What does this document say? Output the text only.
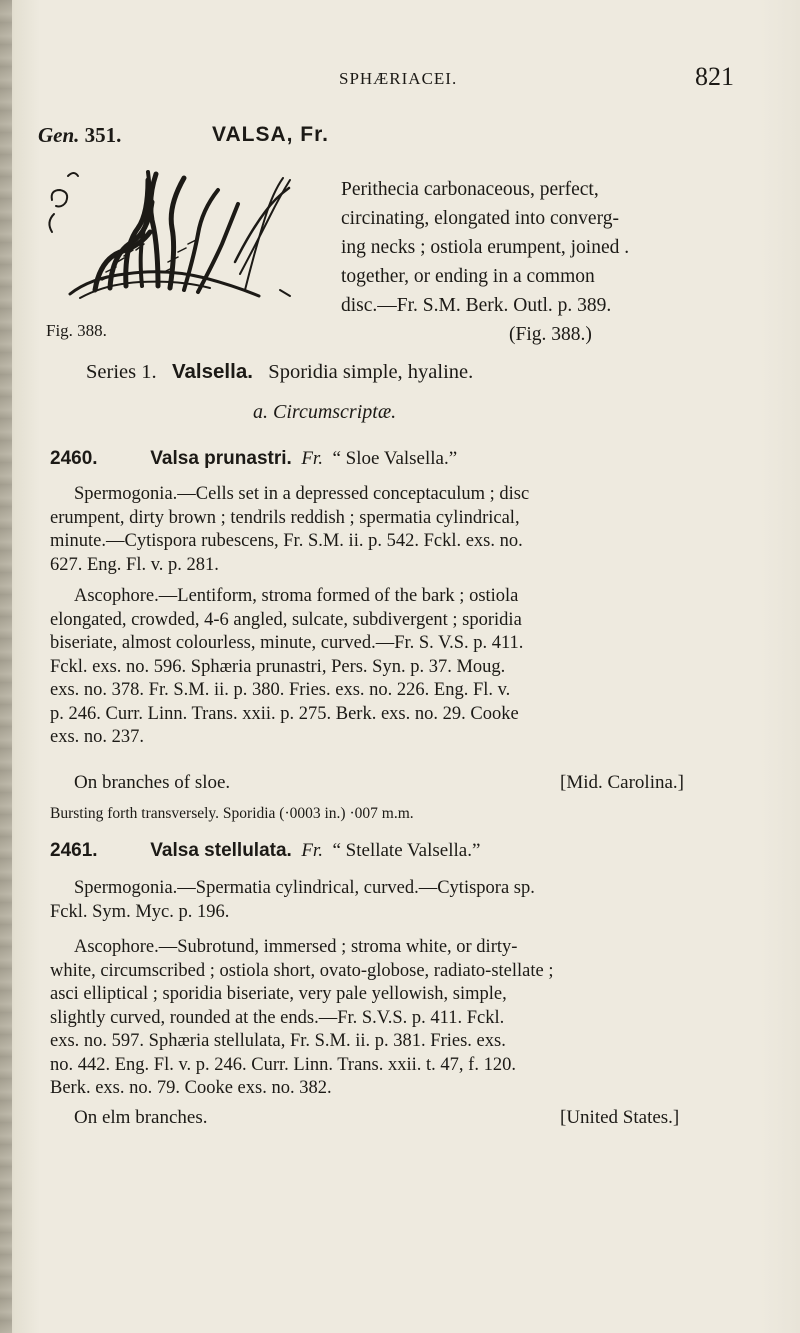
SPHÆRIACEI.	821
Gen. 351.	VALSA, Fr.
Fig. 388.
Perithecia carbonaceous, perfect,
circinating, elongated into converg-
ing necks ; ostiola erumpent, joined .
together, or ending in a common
disc.—Fr. S.M. Berk. Outl. p. 389.
(Fig. 388.)
Series 1. Valsella. Sporidia simple, hyaline.
a. Circumscriptæ.
2460.	Valsa prunastri. Fr. “ Sloe Valsella.”
Spermogonia.—Cells set in a depressed conceptaculum ; disc
erumpent, dirty brown ; tendrils reddish ; spermatia cylindrical,
minute.—Cytispora rubescens, Fr. S.M. ii. p. 542. Fckl. exs. no.
627. Eng. Fl. v. p. 281.
Ascophore.—Lentiform, stroma formed of the bark ; ostiola
elongated, crowded, 4-6 angled, sulcate, subdivergent ; sporidia
biseriate, almost colourless, minute, curved.—Fr. S. V.S. p. 411.
Fckl. exs. no. 596. Sphæria prunastri, Pers. Syn. p. 37. Moug.
exs. no. 378. Fr. S.M. ii. p. 380. Fries. exs. no. 226. Eng. Fl. v.
p. 246. Curr. Linn. Trans. xxii. p. 275. Berk. exs. no. 29. Cooke
exs. no. 237.
On branches of sloe.	[Mid. Carolina.]
Bursting forth transversely. Sporidia (·0003 in.) ·007 m.m.
2461.	Valsa stellulata. Fr. “ Stellate Valsella.”
Spermogonia.—Spermatia cylindrical, curved.—Cytispora sp.
Fckl. Sym. Myc. p. 196.
Ascophore.—Subrotund, immersed ; stroma white, or dirty-
white, circumscribed ; ostiola short, ovato-globose, radiato-stellate ;
asci elliptical ; sporidia biseriate, very pale yellowish, simple,
slightly curved, rounded at the ends.—Fr. S.V.S. p. 411. Fckl.
exs. no. 597. Sphæria stellulata, Fr. S.M. ii. p. 381. Fries. exs.
no. 442. Eng. Fl. v. p. 246. Curr. Linn. Trans. xxii. t. 47, f. 120.
Berk. exs. no. 79. Cooke exs. no. 382.
On elm branches.	[United States.]
